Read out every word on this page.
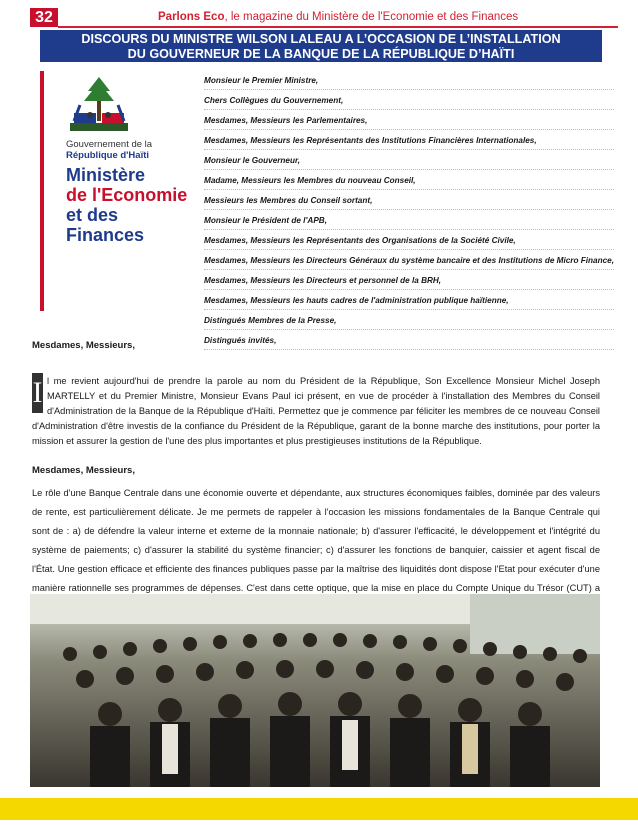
32	Parlons Eco, le magazine du Ministère de l'Economie et des Finances
DISCOURS DU MINISTRE WILSON LALEAU A L’OCCASION DE L’INSTALLATION
DU GOUVERNEUR DE LA BANQUE DE LA RÉPUBLIQUE D’HAÏTI
Gouvernement de la
République d'Haïti
Ministère
de l'Economie
et des Finances
Monsieur le Premier Ministre,
Chers Collègues du Gouvernement,
Mesdames, Messieurs les Parlementaires,
Mesdames, Messieurs les Représentants des Institutions Financières Internationales,
Monsieur le Gouverneur,
Madame, Messieurs les Membres du nouveau Conseil,
Messieurs les Membres du Conseil sortant,
Monsieur le Président de l'APB,
Mesdames, Messieurs les Représentants des Organisations de la Société Civile,
Mesdames, Messieurs les Directeurs Généraux du système bancaire et des Institutions de Micro Finance,
Mesdames, Messieurs les Directeurs et personnel de la BRH,
Mesdames, Messieurs les hauts cadres de l'administration publique haïtienne,
Distingués Membres de la Presse,
Distingués invités,
Mesdames, Messieurs,
l me revient aujourd'hui de prendre la parole au nom du Président de la République, Son Excellence Monsieur Michel Joseph MARTELLY et du Premier Ministre, Monsieur Evans Paul ici présent, en vue de procéder à l'installation des Membres du Conseil d'Administration de la Banque de la République d'Haïti. Permettez que je commence par féliciter les membres de ce nouveau Conseil d'Administration d'être investis de la confiance du Président de la République, garant de la bonne marche des institutions, pour porter la mission et assurer la gestion de l'une des plus importantes et plus prestigieuses institutions de la République.
I
Mesdames, Messieurs,
Le rôle d'une Banque Centrale dans une économie ouverte et dépendante, aux structures économiques faibles, dominée par des valeurs de rente, est particulièrement délicate. Je me permets de rappeler à l'occasion les missions fondamentales de la Banque Centrale qui sont de : a) de défendre la valeur interne et externe de la monnaie nationale; b) d'assurer l'efficacité, le développement et l'intégrité du système de paiements; c) d'assurer la stabilité du système financier; c) d'assurer les fonctions de banquier, caissier et agent fiscal de l'État. Une gestion efficace et efficiente des finances publiques passe par la maîtrise des liquidités dont dispose l'Etat pour exécuter d'une manière rationnelle ses programmes de dépenses. C'est dans cette optique, que la mise en place du Compte Unique du Trésor (CUT) a
